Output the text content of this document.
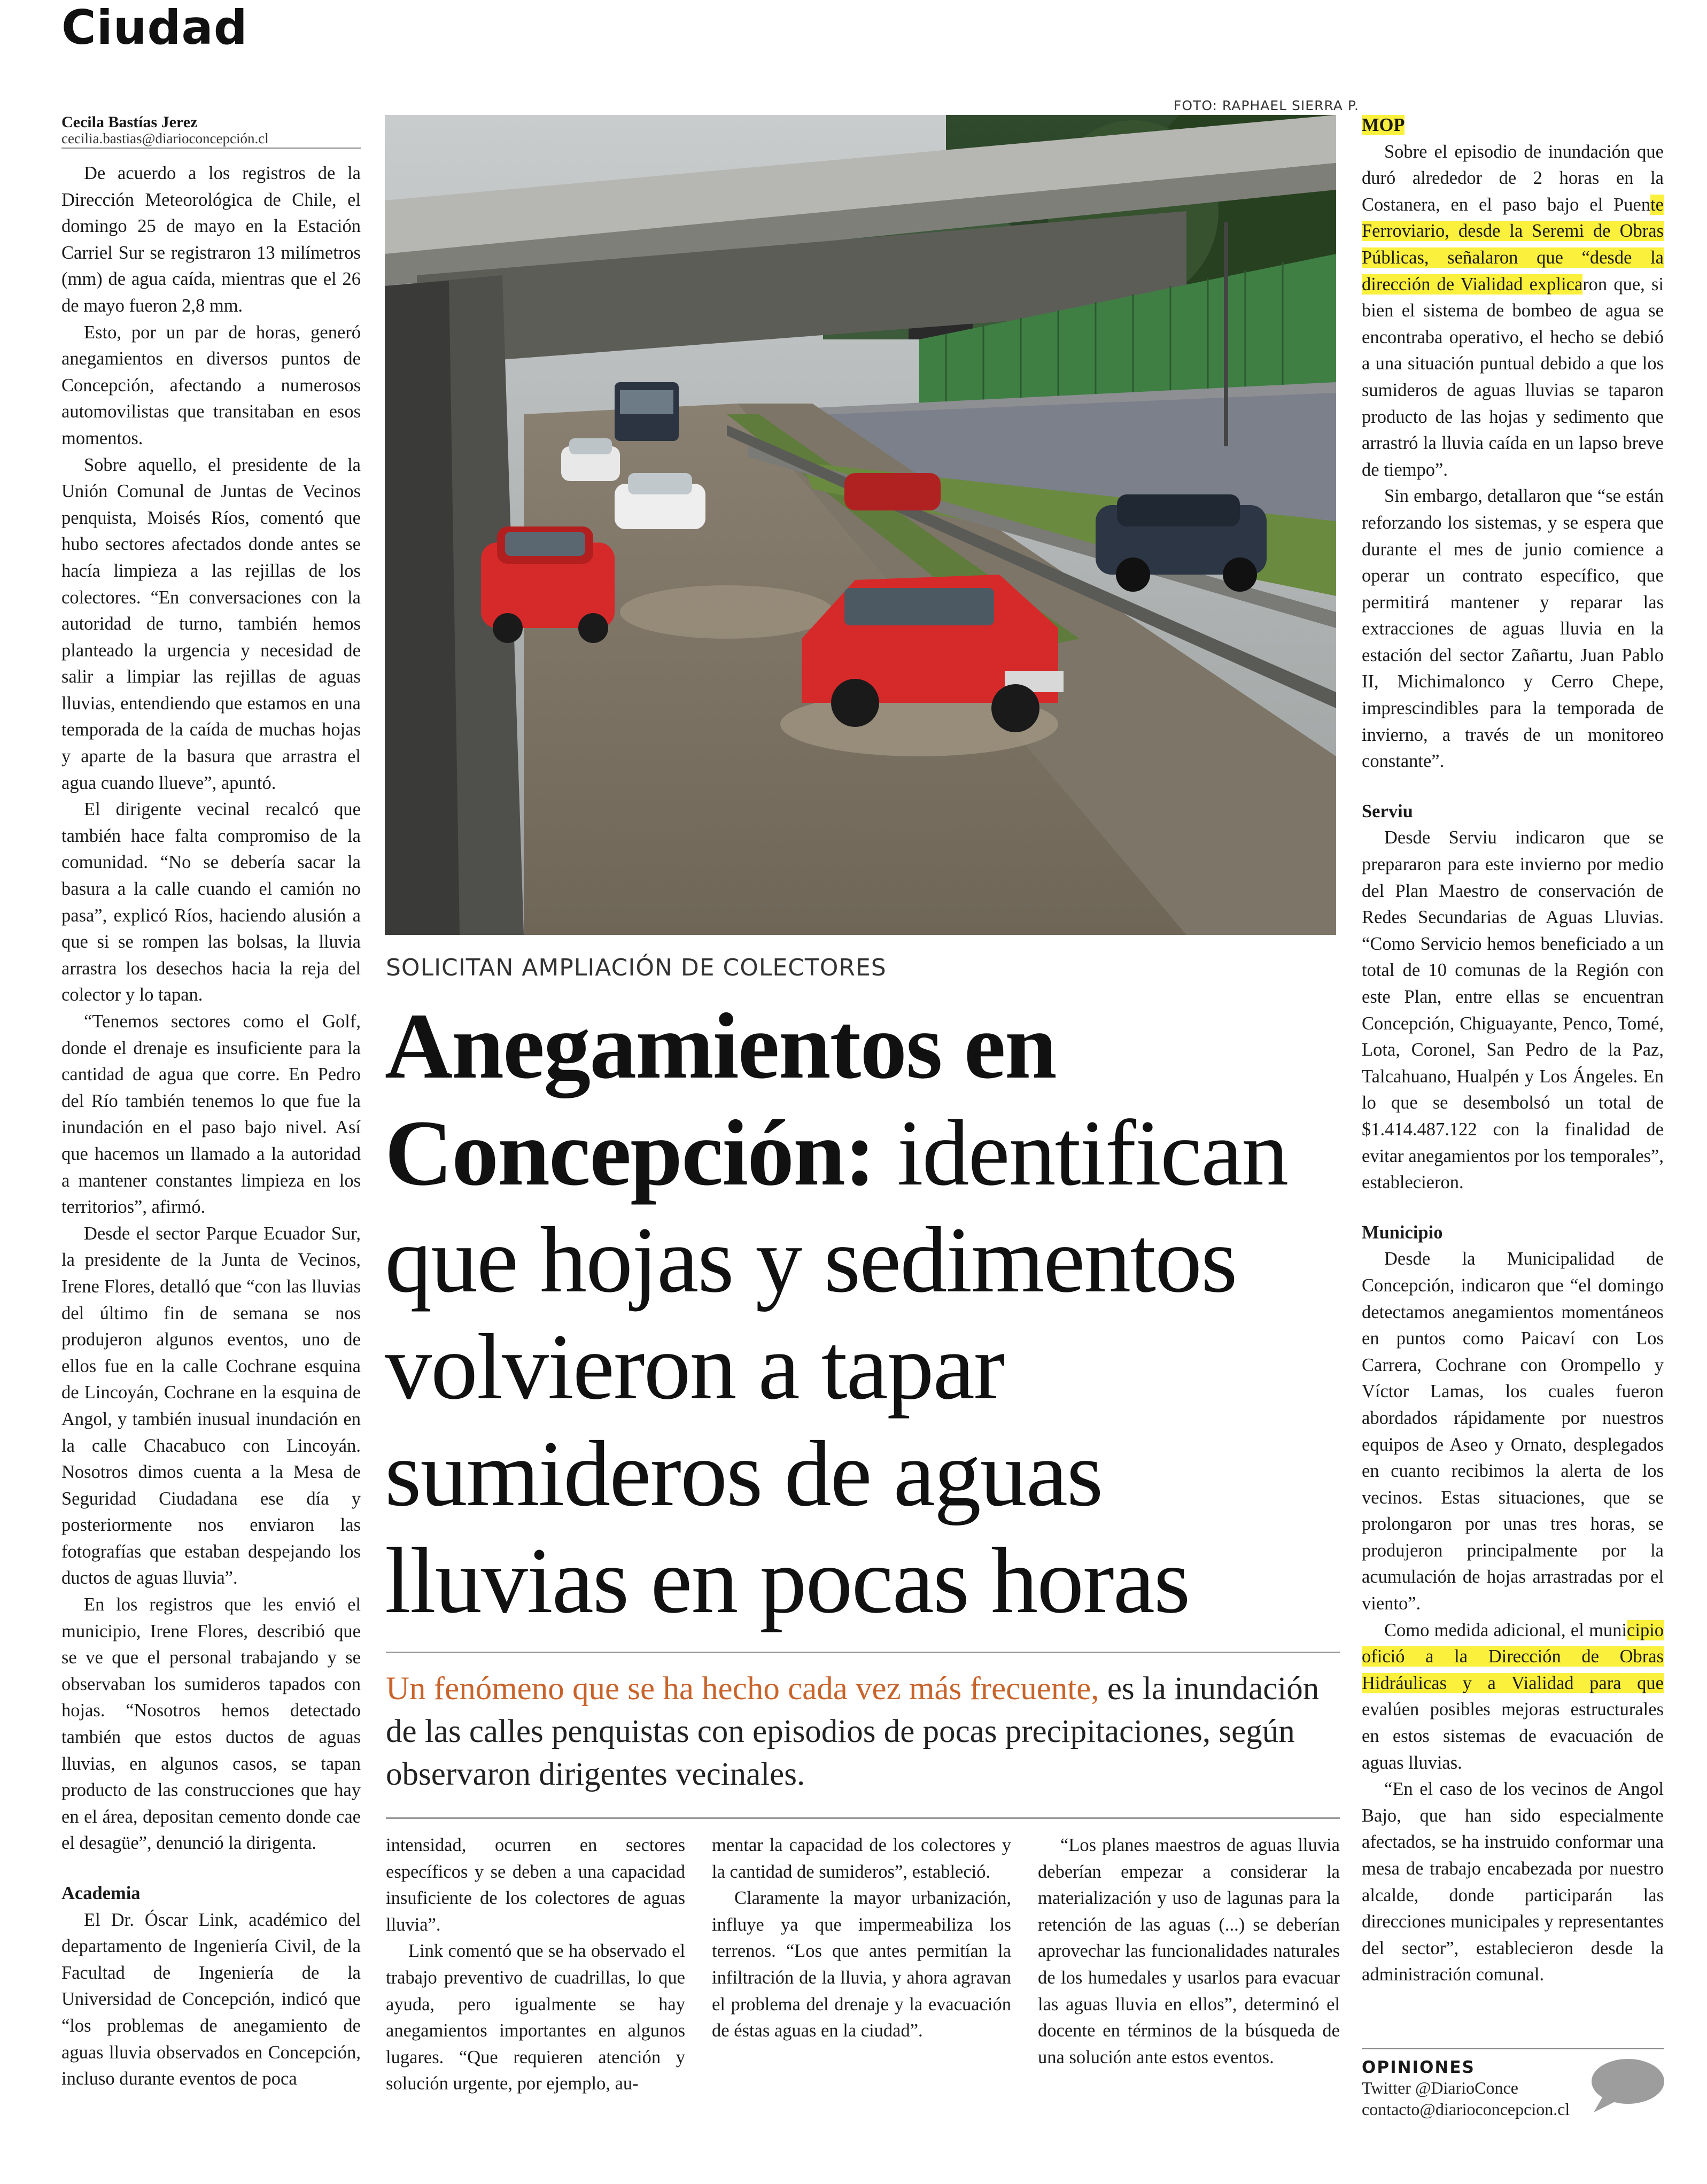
Ciudad
Cecila Bastías Jerez
cecilia.bastias@diarioconcepción.cl

De acuerdo a los registros de la Dirección Meteorológica de Chile, el domingo 25 de mayo en la Estación Carriel Sur se registraron 13 milímetros (mm) de agua caída, mientras que el 26 de mayo fueron 2,8 mm.

Esto, por un par de horas, generó anegamientos en diversos puntos de Concepción, afectando a numerosos automovilistas que transitaban en esos momentos.

Sobre aquello, el presidente de la Unión Comunal de Juntas de Vecinos penquista, Moisés Ríos, comentó que hubo sectores afectados donde antes se hacía limpieza a las rejillas de los colectores. “En conversaciones con la autoridad de turno, también hemos planteado la urgencia y necesidad de salir a limpiar las rejillas de aguas lluvias, entendiendo que estamos en una temporada de la caída de muchas hojas y aparte de la basura que arrastra el agua cuando llueve”, apuntó.

El dirigente vecinal recalcó que también hace falta compromiso de la comunidad. “No se debería sacar la basura a la calle cuando el camión no pasa”, explicó Ríos, haciendo alusión a que si se rompen las bolsas, la lluvia arrastra los desechos hacia la reja del colector y lo tapan.

“Tenemos sectores como el Golf, donde el drenaje es insuficiente para la cantidad de agua que corre. En Pedro del Río también tenemos lo que fue la inundación en el paso bajo nivel. Así que hacemos un llamado a la autoridad a mantener constantes limpieza en los territorios”, afirmó.

Desde el sector Parque Ecuador Sur, la presidente de la Junta de Vecinos, Irene Flores, detalló que “con las lluvias del último fin de semana se nos produjeron algunos eventos, uno de ellos fue en la calle Cochrane esquina de Lincoyán, Cochrane en la esquina de Angol, y también inusual inundación en la calle Chacabuco con Lincoyán. Nosotros dimos cuenta a la Mesa de Seguridad Ciudadana ese día y posteriormente nos enviaron las fotografías que estaban despejando los ductos de aguas lluvia”.

En los registros que les envió el municipio, Irene Flores, describió que se ve que el personal trabajando y se observaban los sumideros tapados con hojas. “Nosotros hemos detectado también que estos ductos de aguas lluvias, en algunos casos, se tapan producto de las construcciones que hay en el área, depositan cemento donde cae el desagüe”, denunció la dirigenta.

Academia

El Dr. Óscar Link, académico del departamento de Ingeniería Civil, de la Facultad de Ingeniería de la Universidad de Concepción, indicó que “los problemas de anegamiento de aguas lluvia observados en Concepción, incluso durante eventos de poca

FOTO: RAPHAEL SIERRA P.
SOLICITAN AMPLIACIÓN DE COLECTORES
Anegamientos en Concepción: identifican que hojas y sedimentos volvieron a tapar sumideros de aguas lluvias en pocas horas
Un fenómeno que se ha hecho cada vez más frecuente, es la inundación de las calles penquistas con episodios de pocas precipitaciones, según observaron dirigentes vecinales.

intensidad, ocurren en sectores específicos y se deben a una capacidad insuficiente de los colectores de aguas lluvia”.

Link comentó que se ha observado el trabajo preventivo de cuadrillas, lo que ayuda, pero igualmente se hay anegamientos importantes en algunos lugares. “Que requieren atención y solución urgente, por ejemplo, au-

mentar la capacidad de los colectores y la cantidad de sumideros”, estableció.

Claramente la mayor urbanización, influye ya que impermeabiliza los terrenos. “Los que antes permitían la infiltración de la lluvia, y ahora agravan el problema del drenaje y la evacuación de éstas aguas en la ciudad”.

“Los planes maestros de aguas lluvia deberían empezar a considerar la materialización y uso de lagunas para la retención de las aguas (...) se deberían aprovechar las funcionalidades naturales de los humedales y usarlos para evacuar las aguas lluvia en ellos”, determinó el docente en términos de la búsqueda de una solución ante estos eventos.

MOP

Sobre el episodio de inundación que duró alrededor de 2 horas en la Costanera, en el paso bajo el Puente Ferroviario, desde la Seremi de Obras Públicas, señalaron que “desde la dirección de Vialidad explicaron que, si bien el sistema de bombeo de agua se encontraba operativo, el hecho se debió a una situación puntual debido a que los sumideros de aguas lluvias se taparon producto de las hojas y sedimento que arrastró la lluvia caída en un lapso breve de tiempo”.

Sin embargo, detallaron que “se están reforzando los sistemas, y se espera que durante el mes de junio comience a operar un contrato específico, que permitirá mantener y reparar las extracciones de aguas lluvia en la estación del sector Zañartu, Juan Pablo II, Michimalonco y Cerro Chepe, imprescindibles para la temporada de invierno, a través de un monitoreo constante”.

Serviu

Desde Serviu indicaron que se prepararon para este invierno por medio del Plan Maestro de conservación de Redes Secundarias de Aguas Lluvias. “Como Servicio hemos beneficiado a un total de 10 comunas de la Región con este Plan, entre ellas se encuentran Concepción, Chiguayante, Penco, Tomé, Lota, Coronel, San Pedro de la Paz, Talcahuano, Hualpén y Los Ángeles. En lo que se desembolsó un total de $1.414.487.122 con la finalidad de evitar anegamientos por los temporales”, establecieron.

Municipio

Desde la Municipalidad de Concepción, indicaron que “el domingo detectamos anegamientos momentáneos en puntos como Paicaví con Los Carrera, Cochrane con Orompello y Víctor Lamas, los cuales fueron abordados rápidamente por nuestros equipos de Aseo y Ornato, desplegados en cuanto recibimos la alerta de los vecinos. Estas situaciones, que se prolongaron por unas tres horas, se produjeron principalmente por la acumulación de hojas arrastradas por el viento”.

Como medida adicional, el municipio ofició a la Dirección de Obras Hidráulicas y a Vialidad para que evalúen posibles mejoras estructurales en estos sistemas de evacuación de aguas lluvias.

“En el caso de los vecinos de Angol Bajo, que han sido especialmente afectados, se ha instruido conformar una mesa de trabajo encabezada por nuestro alcalde, donde participarán las direcciones municipales y representantes del sector”, establecieron desde la administración comunal.

OPINIONES
Twitter @DiarioConce
contacto@diarioconcepcion.cl
